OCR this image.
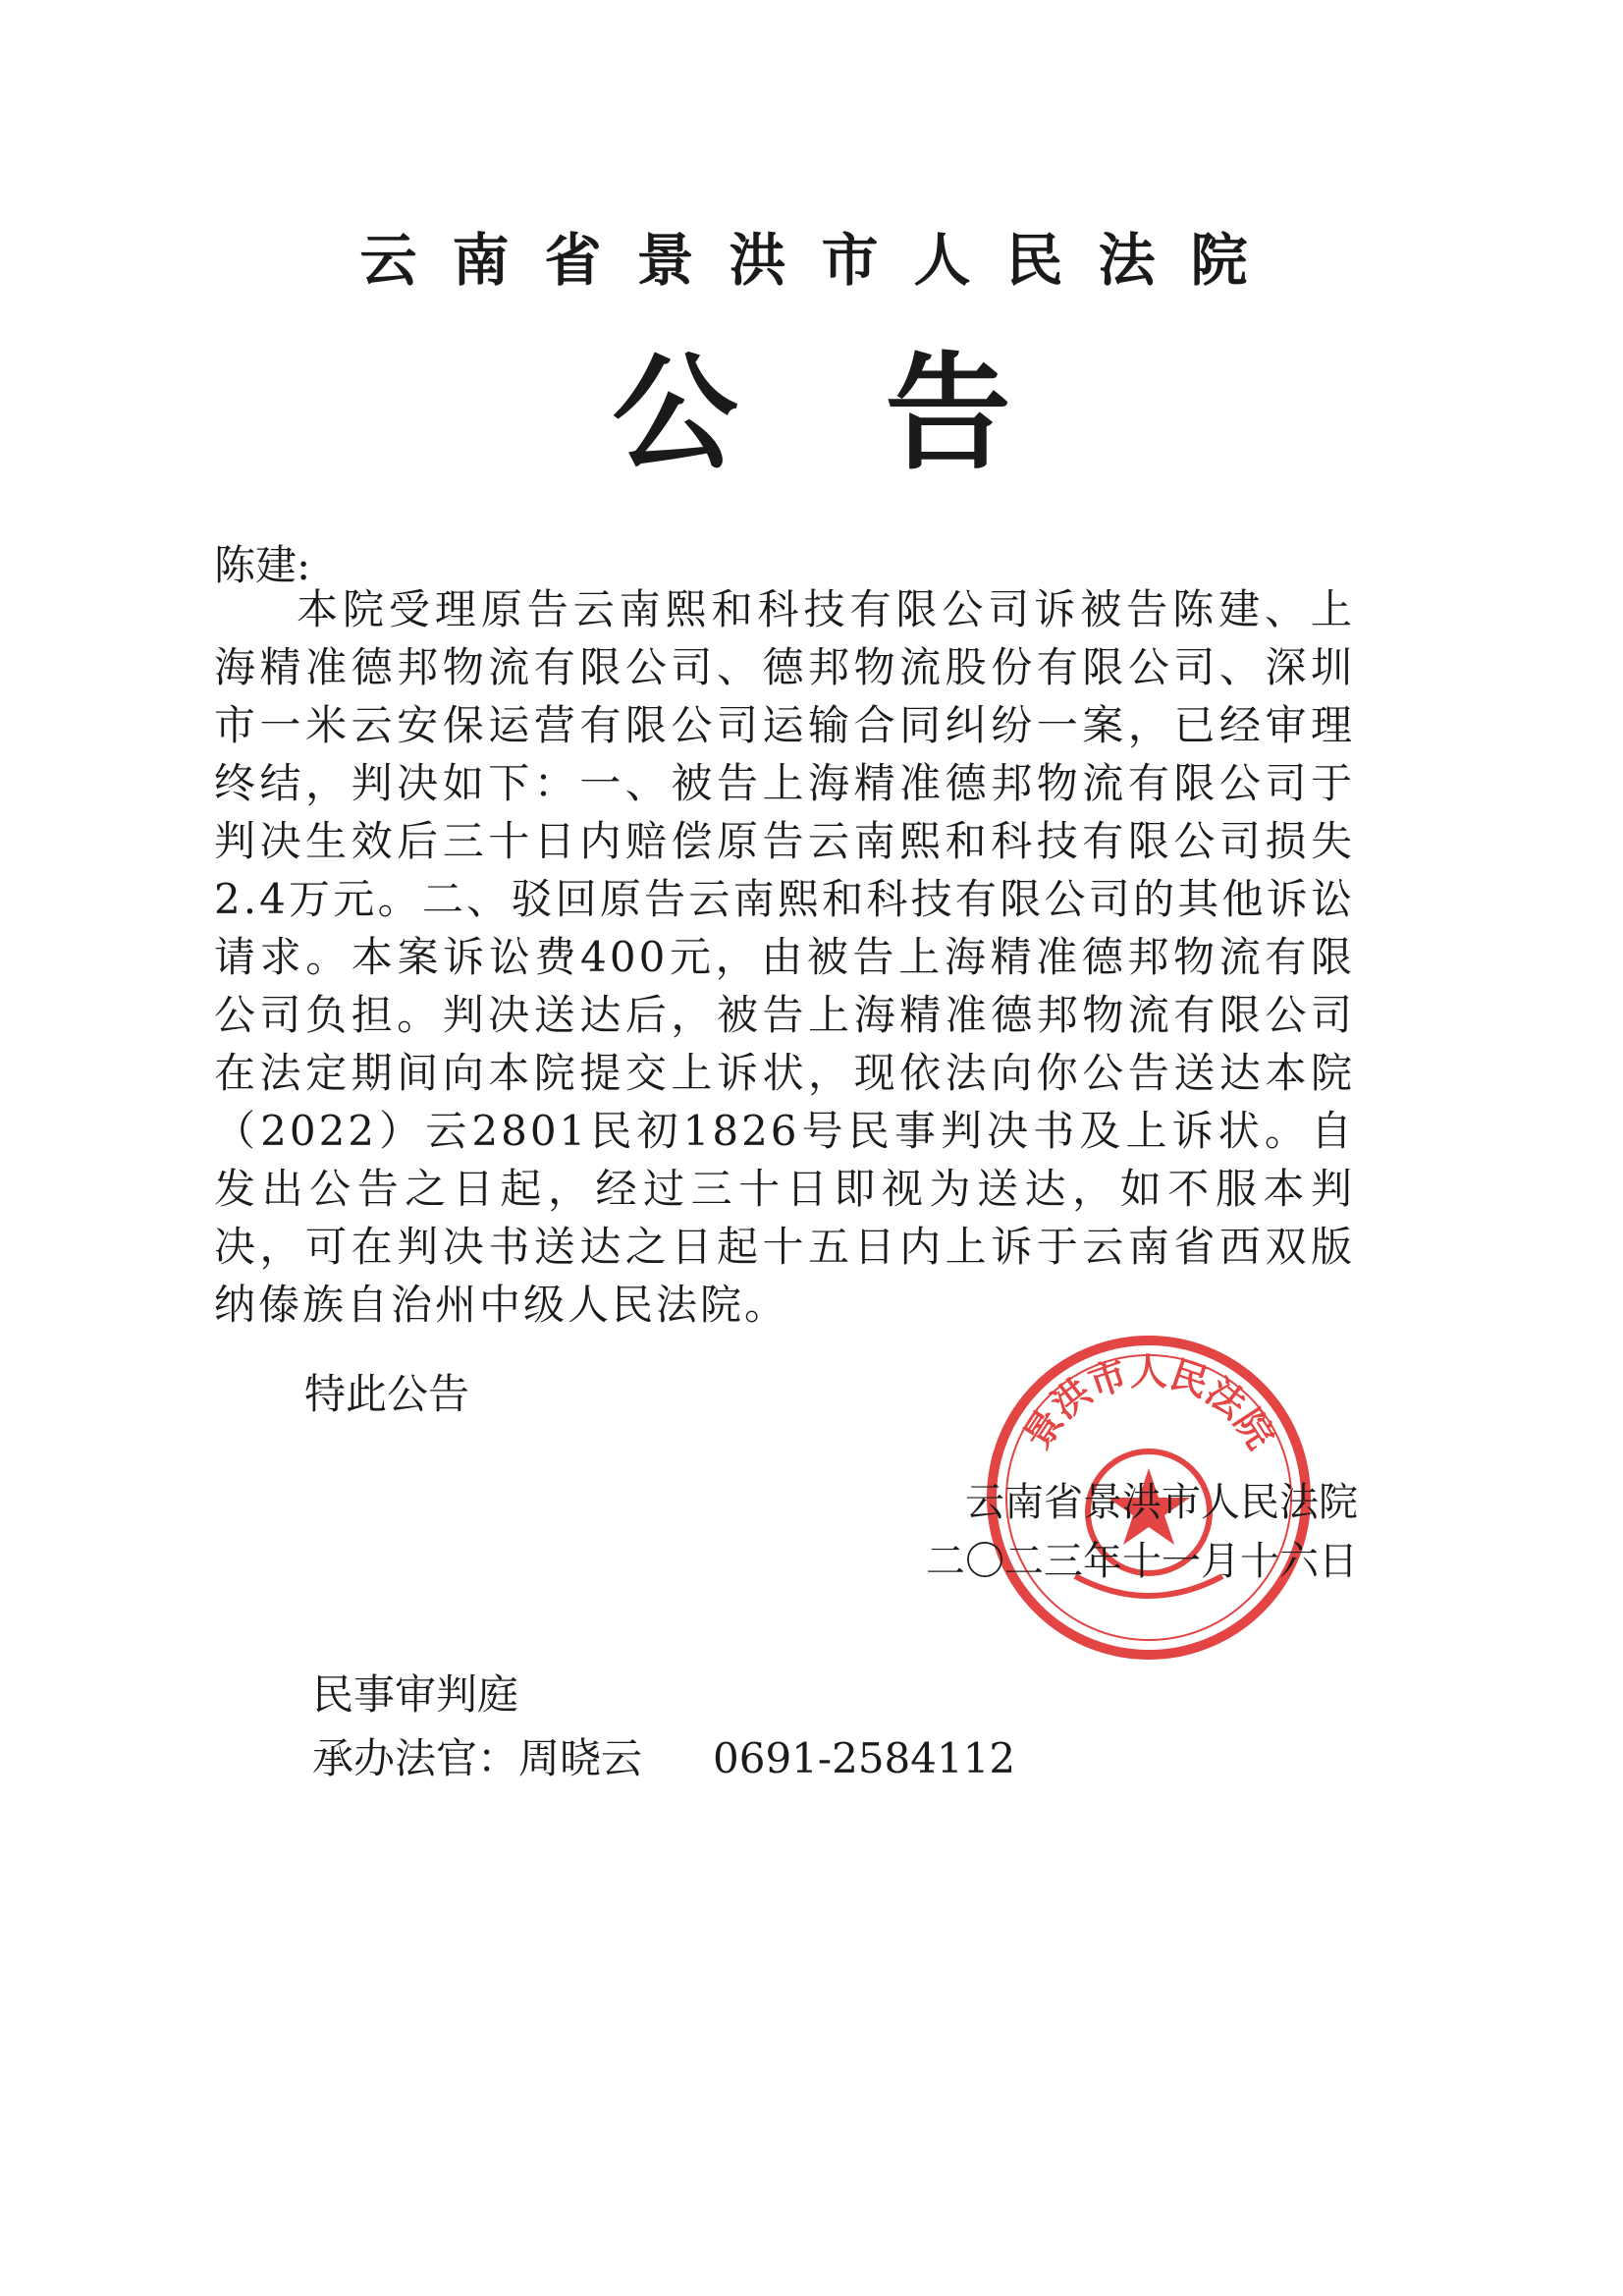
云南省景洪市人民法院
公告
陈建:
本院受理原告云南熙和科技有限公司诉被告陈建、上海精准德邦物流有限公司、德邦物流股份有限公司、深圳市一米云安保运营有限公司运输合同纠纷一案，已经审理终结，判决如下：一、被告上海精准德邦物流有限公司于判决生效后三十日内赔偿原告云南熙和科技有限公司损失2.4万元。二、驳回原告云南熙和科技有限公司的其他诉讼请求。本案诉讼费400元，由被告上海精准德邦物流有限公司负担。判决送达后，被告上海精准德邦物流有限公司在法定期间向本院提交上诉状，现依法向你公告送达本院（2022）云2801民初1826号民事判决书及上诉状。自发出公告之日起，经过三十日即视为送达，如不服本判决，可在判决书送达之日起十五日内上诉于云南省西双版纳傣族自治州中级人民法院。
特此公告
景洪市人民法院
云南省景洪市人民法院
二〇二三年十一月十六日
民事审判庭
承办法官：周晓云 0691-2584112
